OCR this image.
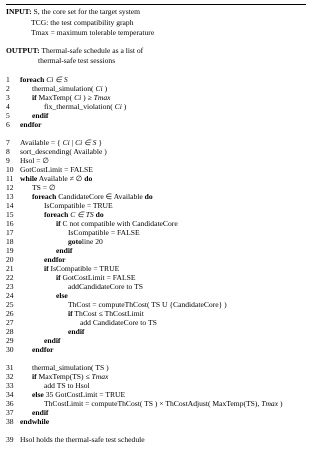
INPUT: S, the core set for the target system
TCG: the test compatibility graph
Tmax = maximum tolerable temperature
OUTPUT: Thermal-safe schedule as a list of
thermal-safe test sessions
1	foreach Ci ∈ S
2	thermal_simulation( Ci )
3	if MaxTemp( Ci ) ≥ Tmax
4	fix_thermal_violation( Ci )
5	endif
6	endfor
7	Available = { Ci | Ci ∈ S }
8	sort_descending( Available )
9	Hsol = ∅
10 GotCostLimit = FALSE
11 while Available ≠ ∅ do
12	TS = ∅
13	foreach CandidateCore ∈ Available do
14	IsCompatible = TRUE
15	foreach C ∈ TS do
16	if C not compatible with CandidateCore
17	IsCompatible = FALSE
18	gotoline 20
19	endif
20	endfor
21	if IsCompatible = TRUE
22	if GotCostLimit = FALSE
23	addCandidateCore to TS
24	else
25	ThCost = computeThCost( TS U {CandidateCore} )
26	if ThCost ≤ ThCostLimit
27	add CandidateCore to TS
28	endif
29	endif
30	endfor
31	thermal_simulation( TS )
32	if MaxTemp(TS) ≤ Tmax
33	add TS to Hsol
34	else 35 GotCostLimit = TRUE
36	ThCostLimit = computeThCost( TS ) × ThCostAdjust( MaxTemp(TS), Tmax )
37	endif
38 endwhile
39 Hsol holds the thermal-safe test schedule
